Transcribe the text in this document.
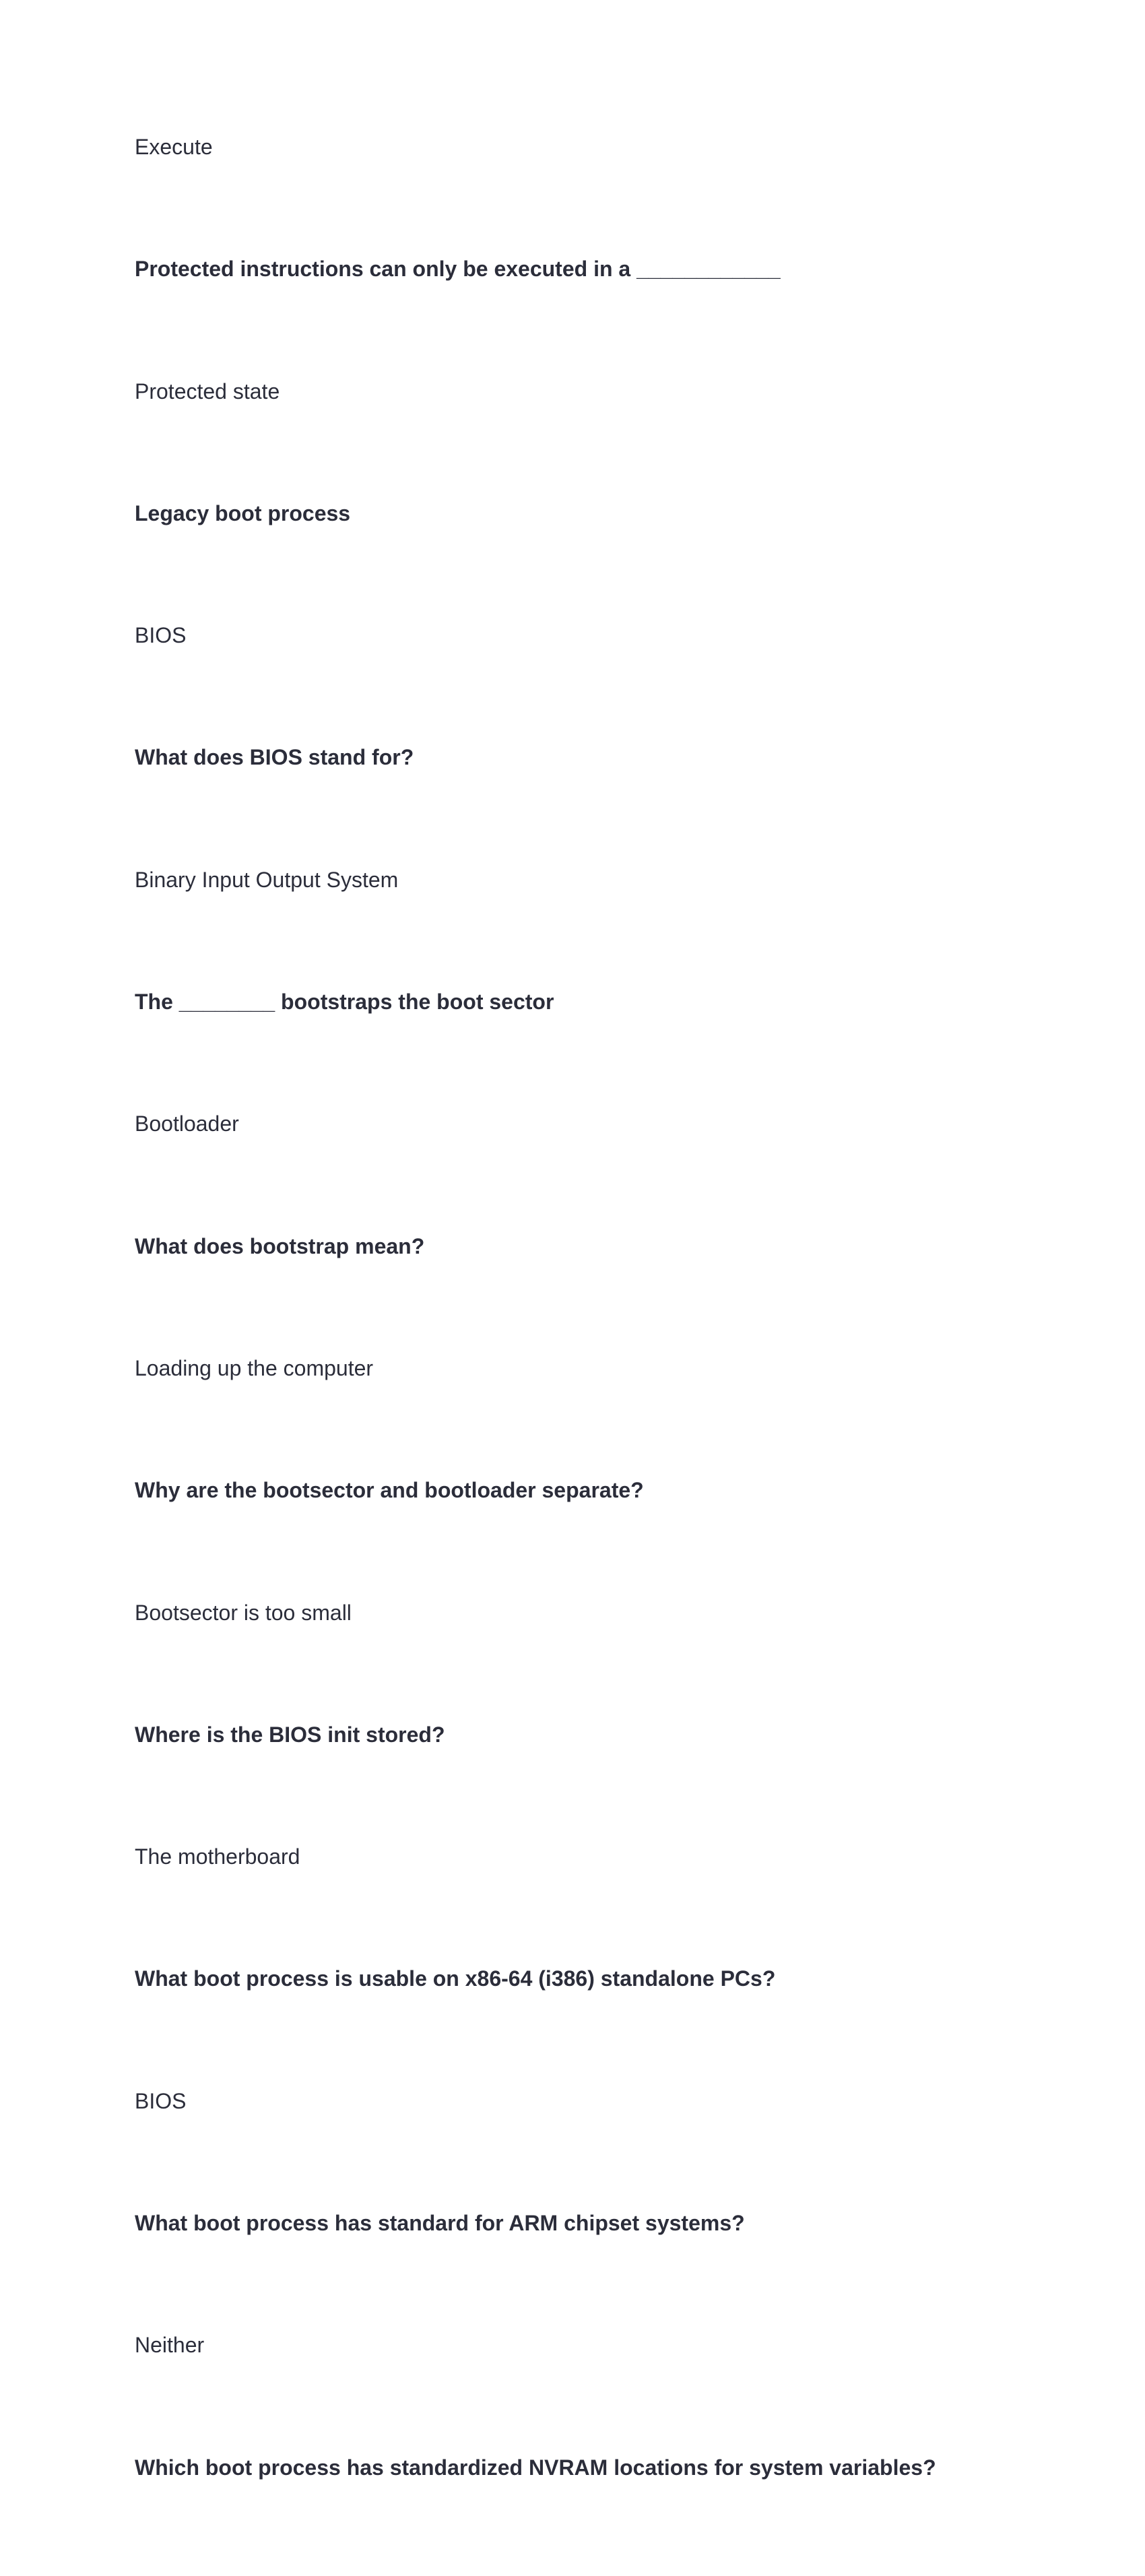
Execute
Protected instructions can only be executed in a ____________
Protected state
Legacy boot process
BIOS
What does BIOS stand for?
Binary Input Output System
The ________ bootstraps the boot sector
Bootloader
What does bootstrap mean?
Loading up the computer
Why are the bootsector and bootloader separate?
Bootsector is too small
Where is the BIOS init stored?
The motherboard
What boot process is usable on x86-64 (i386) standalone PCs?
BIOS
What boot process has standard for ARM chipset systems?
Neither
Which boot process has standardized NVRAM locations for system variables?
